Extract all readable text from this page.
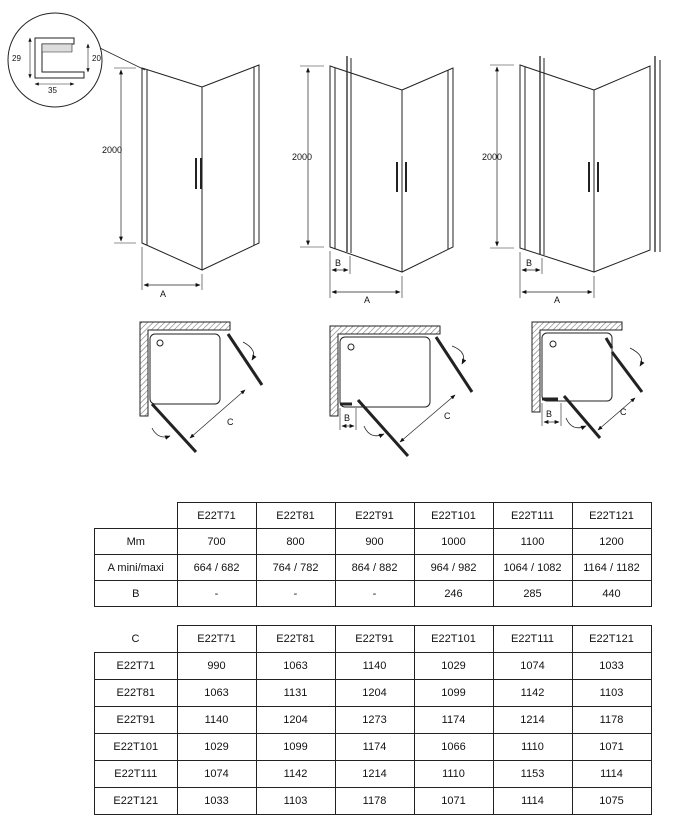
29	20
35
2000
A
2000
B
A
2000
B
A
C	B	C	B	C
	E22T71	E22T81	E22T91	E22T101	E22T111	E22T121
Mm	700	800	900	1000	1100	1200
A mini/maxi	664 / 682	764 / 782	864 / 882	964 / 982	1064 / 1082	1164 / 1182
B	-	-	-	246	285	440
C	E22T71	E22T81	E22T91	E22T101	E22T111	E22T121
E22T71	990	1063	1140	1029	1074	1033
E22T81	1063	1131	1204	1099	1142	1103
E22T91	1140	1204	1273	1174	1214	1178
E22T101	1029	1099	1174	1066	1110	1071
E22T111	1074	1142	1214	1110	1153	1114
E22T121	1033	1103	1178	1071	1114	1075
